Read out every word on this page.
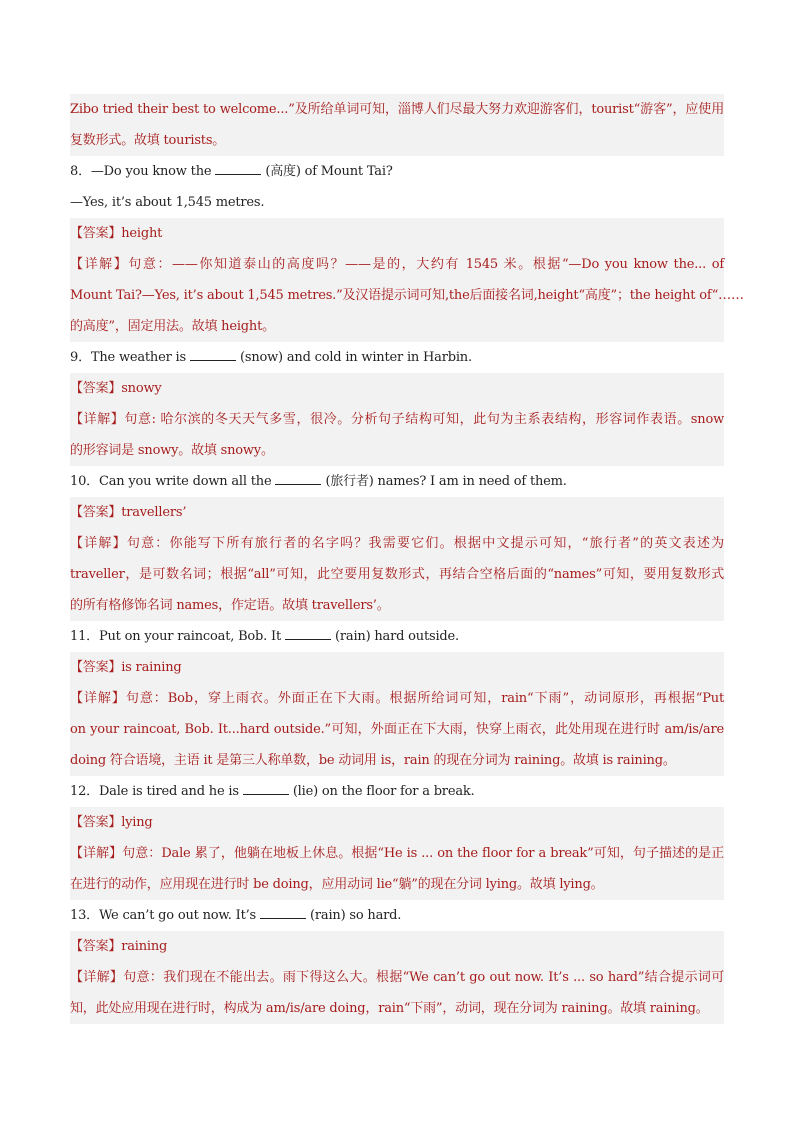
Zibo tried their best to welcome...”及所给单词可知，淄博人们尽最大努力欢迎游客们，tourist“游客”，应使用
复数形式。故填 tourists。
8．—Do you know the	(高度) of Mount Tai?
—Yes, it’s about 1,545 metres.
【答案】height
【详解】句意：——你知道泰山的高度吗？——是的，大约有 1545 米。根据“—Do you know the... of
Mount Tai?—Yes, it’s about 1,545 metres.”及汉语提示词可知,the后面接名词,height“高度”；the height of“……
的高度”，固定用法。故填 height。
9．The weather is	(snow) and cold in winter in Harbin.
【答案】snowy
【详解】句意: 哈尔滨的冬天天气多雪，很冷。分析句子结构可知，此句为主系表结构，形容词作表语。snow
的形容词是 snowy。故填 snowy。
10．Can you write down all the	(旅行者) names? I am in need of them.
【答案】travellers’
【详解】句意：你能写下所有旅行者的名字吗？我需要它们。根据中文提示可知，“旅行者”的英文表述为
traveller，是可数名词；根据“all”可知，此空要用复数形式，再结合空格后面的“names”可知，要用复数形式
的所有格修饰名词 names，作定语。故填 travellers’。
11．Put on your raincoat, Bob. It	(rain) hard outside.
【答案】is raining
【详解】句意：Bob，穿上雨衣。外面正在下大雨。根据所给词可知，rain“下雨”，动词原形，再根据“Put
on your raincoat, Bob. It...hard outside.”可知，外面正在下大雨，快穿上雨衣，此处用现在进行时 am/is/are
doing 符合语境，主语 it 是第三人称单数，be 动词用 is，rain 的现在分词为 raining。故填 is raining。
12．Dale is tired and he is	(lie) on the floor for a break.
【答案】lying
【详解】句意：Dale 累了，他躺在地板上休息。根据“He is ... on the floor for a break”可知，句子描述的是正
在进行的动作，应用现在进行时 be doing，应用动词 lie“躺”的现在分词 lying。故填 lying。
13．We can’t go out now. It’s	(rain) so hard.
【答案】raining
【详解】句意：我们现在不能出去。雨下得这么大。根据“We can’t go out now. It’s ... so hard”结合提示词可
知，此处应用现在进行时，构成为 am/is/are doing，rain“下雨”，动词，现在分词为 raining。故填 raining。
